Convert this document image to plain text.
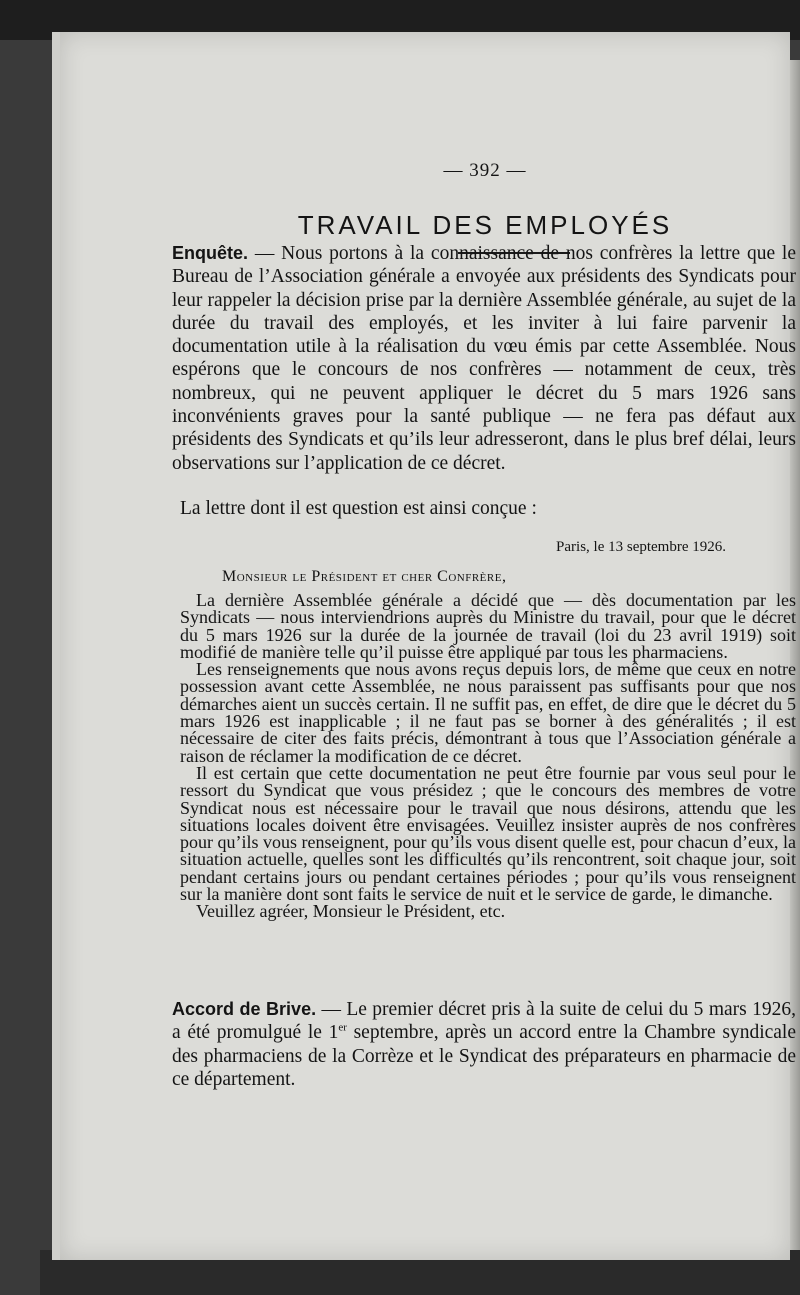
— 392 —
TRAVAIL DES EMPLOYÉS
Enquête. — Nous portons à la connaissance de nos confrères la lettre que le Bureau de l’Association générale a envoyée aux présidents des Syndicats pour leur rappeler la décision prise par la dernière Assemblée générale, au sujet de la durée du travail des employés, et les inviter à lui faire parvenir la documentation utile à la réalisation du vœu émis par cette Assemblée. Nous espérons que le concours de nos confrères — notamment de ceux, très nombreux, qui ne peuvent appliquer le décret du 5 mars 1926 sans inconvénients graves pour la santé publique — ne fera pas défaut aux présidents des Syndicats et qu’ils leur adresseront, dans le plus bref délai, leurs observations sur l’application de ce décret.
La lettre dont il est question est ainsi conçue :
Paris, le 13 septembre 1926.
Monsieur le Président et cher Confrère,

La dernière Assemblée générale a décidé que — dès documentation par les Syndicats — nous interviendrions auprès du Ministre du travail, pour que le décret du 5 mars 1926 sur la durée de la journée de travail (loi du 23 avril 1919) soit modifié de manière telle qu’il puisse être appliqué par tous les pharmaciens.

Les renseignements que nous avons reçus depuis lors, de même que ceux en notre possession avant cette Assemblée, ne nous paraissent pas suffisants pour que nos démarches aient un succès certain. Il ne suffit pas, en effet, de dire que le décret du 5 mars 1926 est inapplicable ; il ne faut pas se borner à des généralités ; il est nécessaire de citer des faits précis, démontrant à tous que l’Association générale a raison de réclamer la modification de ce décret.

Il est certain que cette documentation ne peut être fournie par vous seul pour le ressort du Syndicat que vous présidez ; que le concours des membres de votre Syndicat nous est nécessaire pour le travail que nous désirons, attendu que les situations locales doivent être envisagées. Veuillez insister auprès de nos confrères pour qu’ils vous renseignent, pour qu’ils vous disent quelle est, pour chacun d’eux, la situation actuelle, quelles sont les difficultés qu’ils rencontrent, soit chaque jour, soit pendant certains jours ou pendant certaines périodes ; pour qu’ils vous renseignent sur la manière dont sont faits le service de nuit et le service de garde, le dimanche.

Veuillez agréer, Monsieur le Président, etc.

Accord de Brive. — Le premier décret pris à la suite de celui du 5 mars 1926, a été promulgué le 1er septembre, après un accord entre la Chambre syndicale des pharmaciens de la Corrèze et le Syndicat des préparateurs en pharmacie de ce département.
